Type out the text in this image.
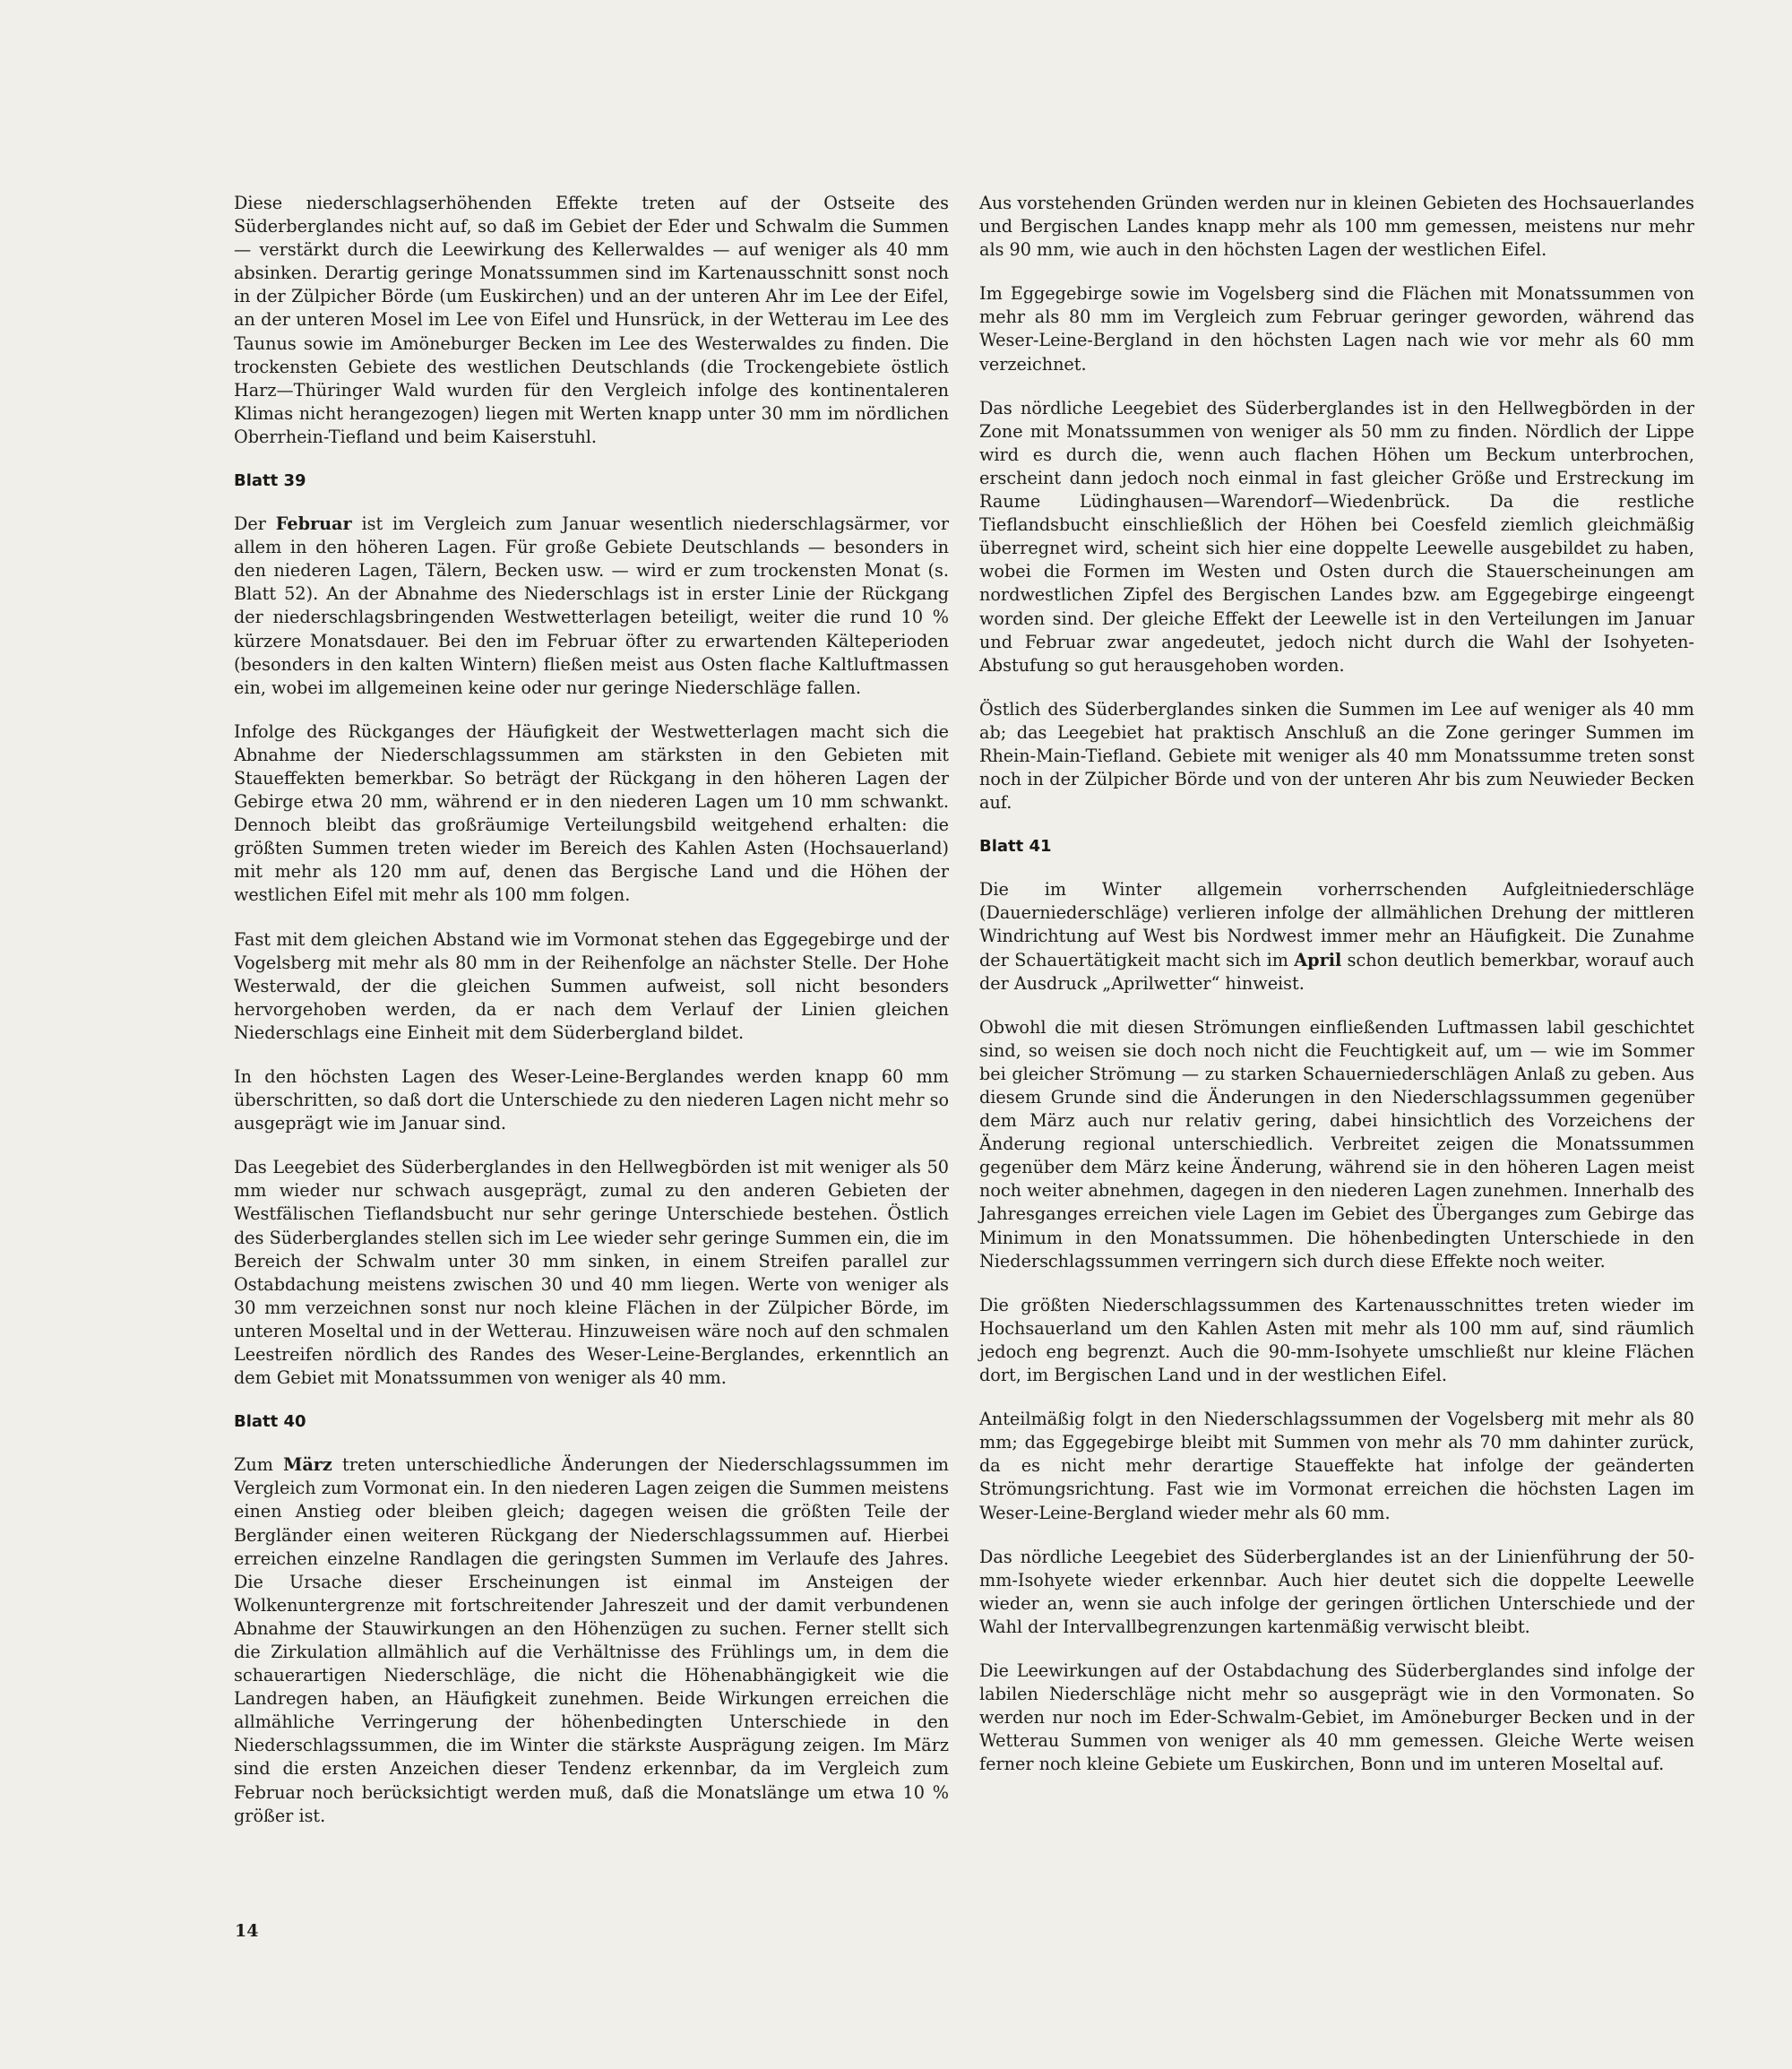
Diese niederschlagserhöhenden Effekte treten auf der Ostseite des Süderberglandes nicht auf, so daß im Gebiet der Eder und Schwalm die Summen — verstärkt durch die Leewirkung des Kellerwaldes — auf weniger als 40 mm absinken. Derartig geringe Monatssummen sind im Kartenausschnitt sonst noch in der Zülpicher Börde (um Euskirchen) und an der unteren Ahr im Lee der Eifel, an der unteren Mosel im Lee von Eifel und Hunsrück, in der Wetterau im Lee des Taunus sowie im Amöneburger Becken im Lee des Westerwaldes zu finden. Die trockensten Gebiete des westlichen Deutschlands (die Trockengebiete östlich Harz—Thüringer Wald wurden für den Vergleich infolge des kontinentaleren Klimas nicht herangezogen) liegen mit Werten knapp unter 30 mm im nördlichen Oberrhein-Tiefland und beim Kaiserstuhl.

Blatt 39

Der Februar ist im Vergleich zum Januar wesentlich niederschlagsärmer, vor allem in den höheren Lagen. Für große Gebiete Deutschlands — besonders in den niederen Lagen, Tälern, Becken usw. — wird er zum trockensten Monat (s. Blatt 52). An der Abnahme des Niederschlags ist in erster Linie der Rückgang der niederschlagsbringenden Westwetterlagen beteiligt, weiter die rund 10 % kürzere Monatsdauer. Bei den im Februar öfter zu erwartenden Kälteperioden (besonders in den kalten Wintern) fließen meist aus Osten flache Kaltluftmassen ein, wobei im allgemeinen keine oder nur geringe Niederschläge fallen.

Infolge des Rückganges der Häufigkeit der Westwetterlagen macht sich die Abnahme der Niederschlagssummen am stärksten in den Gebieten mit Staueffekten bemerkbar. So beträgt der Rückgang in den höheren Lagen der Gebirge etwa 20 mm, während er in den niederen Lagen um 10 mm schwankt. Dennoch bleibt das großräumige Verteilungsbild weitgehend erhalten: die größten Summen treten wieder im Bereich des Kahlen Asten (Hochsauerland) mit mehr als 120 mm auf, denen das Bergische Land und die Höhen der westlichen Eifel mit mehr als 100 mm folgen.

Fast mit dem gleichen Abstand wie im Vormonat stehen das Eggegebirge und der Vogelsberg mit mehr als 80 mm in der Reihenfolge an nächster Stelle. Der Hohe Westerwald, der die gleichen Summen aufweist, soll nicht besonders hervorgehoben werden, da er nach dem Verlauf der Linien gleichen Niederschlags eine Einheit mit dem Süderbergland bildet.

In den höchsten Lagen des Weser-Leine-Berglandes werden knapp 60 mm überschritten, so daß dort die Unterschiede zu den niederen Lagen nicht mehr so ausgeprägt wie im Januar sind.

Das Leegebiet des Süderberglandes in den Hellwegbörden ist mit weniger als 50 mm wieder nur schwach ausgeprägt, zumal zu den anderen Gebieten der Westfälischen Tieflandsbucht nur sehr geringe Unterschiede bestehen. Östlich des Süderberglandes stellen sich im Lee wieder sehr geringe Summen ein, die im Bereich der Schwalm unter 30 mm sinken, in einem Streifen parallel zur Ostabdachung meistens zwischen 30 und 40 mm liegen. Werte von weniger als 30 mm verzeichnen sonst nur noch kleine Flächen in der Zülpicher Börde, im unteren Moseltal und in der Wetterau. Hinzuweisen wäre noch auf den schmalen Leestreifen nördlich des Randes des Weser-Leine-Berglandes, erkenntlich an dem Gebiet mit Monatssummen von weniger als 40 mm.

Blatt 40

Zum März treten unterschiedliche Änderungen der Niederschlagssummen im Vergleich zum Vormonat ein. In den niederen Lagen zeigen die Summen meistens einen Anstieg oder bleiben gleich; dagegen weisen die größten Teile der Bergländer einen weiteren Rückgang der Niederschlagssummen auf. Hierbei erreichen einzelne Randlagen die geringsten Summen im Verlaufe des Jahres. Die Ursache dieser Erscheinungen ist einmal im Ansteigen der Wolkenuntergrenze mit fortschreitender Jahreszeit und der damit verbundenen Abnahme der Stauwirkungen an den Höhenzügen zu suchen. Ferner stellt sich die Zirkulation allmählich auf die Verhältnisse des Frühlings um, in dem die schauerartigen Niederschläge, die nicht die Höhenabhängigkeit wie die Landregen haben, an Häufigkeit zunehmen. Beide Wirkungen erreichen die allmähliche Verringerung der höhenbedingten Unterschiede in den Niederschlagssummen, die im Winter die stärkste Ausprägung zeigen. Im März sind die ersten Anzeichen dieser Tendenz erkennbar, da im Vergleich zum Februar noch berücksichtigt werden muß, daß die Monatslänge um etwa 10 % größer ist.

Aus vorstehenden Gründen werden nur in kleinen Gebieten des Hochsauerlandes und Bergischen Landes knapp mehr als 100 mm gemessen, meistens nur mehr als 90 mm, wie auch in den höchsten Lagen der westlichen Eifel.

Im Eggegebirge sowie im Vogelsberg sind die Flächen mit Monatssummen von mehr als 80 mm im Vergleich zum Februar geringer geworden, während das Weser-Leine-Bergland in den höchsten Lagen nach wie vor mehr als 60 mm verzeichnet.

Das nördliche Leegebiet des Süderberglandes ist in den Hellwegbörden in der Zone mit Monatssummen von weniger als 50 mm zu finden. Nördlich der Lippe wird es durch die, wenn auch flachen Höhen um Beckum unterbrochen, erscheint dann jedoch noch einmal in fast gleicher Größe und Erstreckung im Raume Lüdinghausen—Warendorf—Wiedenbrück. Da die restliche Tieflandsbucht einschließlich der Höhen bei Coesfeld ziemlich gleichmäßig überregnet wird, scheint sich hier eine doppelte Leewelle ausgebildet zu haben, wobei die Formen im Westen und Osten durch die Stauerscheinungen am nordwestlichen Zipfel des Bergischen Landes bzw. am Eggegebirge eingeengt worden sind. Der gleiche Effekt der Leewelle ist in den Verteilungen im Januar und Februar zwar angedeutet, jedoch nicht durch die Wahl der Isohyeten-Abstufung so gut herausgehoben worden.

Östlich des Süderberglandes sinken die Summen im Lee auf weniger als 40 mm ab; das Leegebiet hat praktisch Anschluß an die Zone geringer Summen im Rhein-Main-Tiefland. Gebiete mit weniger als 40 mm Monatssumme treten sonst noch in der Zülpicher Börde und von der unteren Ahr bis zum Neuwieder Becken auf.

Blatt 41

Die im Winter allgemein vorherrschenden Aufgleitniederschläge (Dauerniederschläge) verlieren infolge der allmählichen Drehung der mittleren Windrichtung auf West bis Nordwest immer mehr an Häufigkeit. Die Zunahme der Schauertätigkeit macht sich im April schon deutlich bemerkbar, worauf auch der Ausdruck „Aprilwetter“ hinweist.

Obwohl die mit diesen Strömungen einfließenden Luftmassen labil geschichtet sind, so weisen sie doch noch nicht die Feuchtigkeit auf, um — wie im Sommer bei gleicher Strömung — zu starken Schauerniederschlägen Anlaß zu geben. Aus diesem Grunde sind die Änderungen in den Niederschlagssummen gegenüber dem März auch nur relativ gering, dabei hinsichtlich des Vorzeichens der Änderung regional unterschiedlich. Verbreitet zeigen die Monatssummen gegenüber dem März keine Änderung, während sie in den höheren Lagen meist noch weiter abnehmen, dagegen in den niederen Lagen zunehmen. Innerhalb des Jahresganges erreichen viele Lagen im Gebiet des Überganges zum Gebirge das Minimum in den Monatssummen. Die höhenbedingten Unterschiede in den Niederschlagssummen verringern sich durch diese Effekte noch weiter.

Die größten Niederschlagssummen des Kartenausschnittes treten wieder im Hochsauerland um den Kahlen Asten mit mehr als 100 mm auf, sind räumlich jedoch eng begrenzt. Auch die 90-mm-Isohyete umschließt nur kleine Flächen dort, im Bergischen Land und in der westlichen Eifel.

Anteilmäßig folgt in den Niederschlagssummen der Vogelsberg mit mehr als 80 mm; das Eggegebirge bleibt mit Summen von mehr als 70 mm dahinter zurück, da es nicht mehr derartige Staueffekte hat infolge der geänderten Strömungsrichtung. Fast wie im Vormonat erreichen die höchsten Lagen im Weser-Leine-Bergland wieder mehr als 60 mm.

Das nördliche Leegebiet des Süderberglandes ist an der Linienführung der 50-mm-Isohyete wieder erkennbar. Auch hier deutet sich die doppelte Leewelle wieder an, wenn sie auch infolge der geringen örtlichen Unterschiede und der Wahl der Intervallbegrenzungen kartenmäßig verwischt bleibt.

Die Leewirkungen auf der Ostabdachung des Süderberglandes sind infolge der labilen Niederschläge nicht mehr so ausgeprägt wie in den Vormonaten. So werden nur noch im Eder-Schwalm-Gebiet, im Amöneburger Becken und in der Wetterau Summen von weniger als 40 mm gemessen. Gleiche Werte weisen ferner noch kleine Gebiete um Euskirchen, Bonn und im unteren Moseltal auf.

14
